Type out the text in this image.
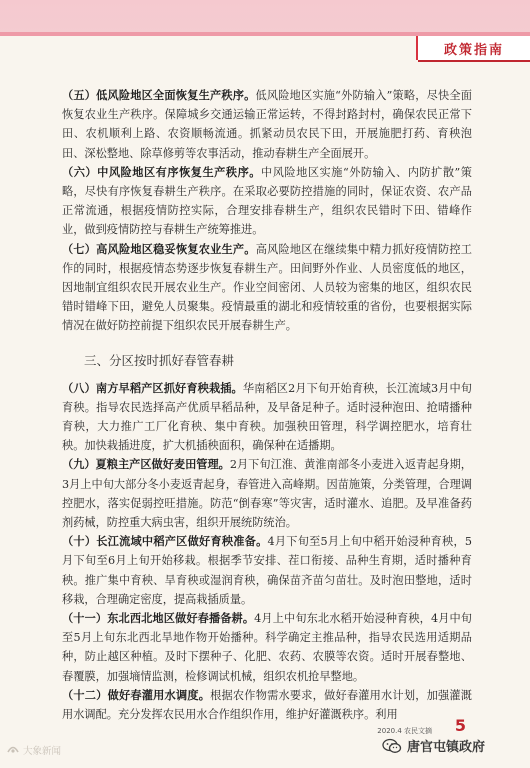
政策指南

（五）低风险地区全面恢复生产秩序。低风险地区实施“外防输入”策略，尽快全面恢复农业生产秩序。保障城乡交通运输正常运转，不得封路封村，确保农民正常下田、农机顺利上路、农资顺畅流通。抓紧动员农民下田，开展施肥打药、育秧泡田、深松整地、除草修剪等农事活动，推动春耕生产全面展开。

（六）中风险地区有序恢复生产秩序。中风险地区实施“外防输入、内防扩散”策略，尽快有序恢复春耕生产秩序。在采取必要防控措施的同时，保证农资、农产品正常流通，根据疫情防控实际，合理安排春耕生产，组织农民错时下田、错峰作业，做到疫情防控与春耕生产统筹推进。

（七）高风险地区稳妥恢复农业生产。高风险地区在继续集中精力抓好疫情防控工作的同时，根据疫情态势逐步恢复春耕生产。田间野外作业、人员密度低的地区，因地制宜组织农民开展农业生产。作业空间密闭、人员较为密集的地区，组织农民错时错峰下田，避免人员聚集。疫情最重的湖北和疫情较重的省份，也要根据实际情况在做好防控前提下组织农民开展春耕生产。

三、分区按时抓好春管春耕

（八）南方早稻产区抓好育秧栽插。华南稻区2月下旬开始育秧，长江流域3月中旬育秧。指导农民选择高产优质早稻品种，及早备足种子。适时浸种泡田、抢晴播种育秧，大力推广工厂化育秧、集中育秧。加强秧田管理，科学调控肥水，培育壮秧。加快栽插进度，扩大机插秧面积，确保种在适播期。

（九）夏粮主产区做好麦田管理。2月下旬江淮、黄淮南部冬小麦进入返青起身期，3月上中旬大部分冬小麦返青起身，春管进入高峰期。因苗施策，分类管理，合理调控肥水，落实促弱控旺措施。防范“倒春寒”等灾害，适时灌水、追肥。及早准备药剂药械，防控重大病虫害，组织开展统防统治。

（十）长江流域中稻产区做好育秧准备。4月下旬至5月上旬中稻开始浸种育秧，5月下旬至6月上旬开始移栽。根据季节安排、茬口衔接、品种生育期，适时播种育秧。推广集中育秧、旱育秧或湿润育秧，确保苗齐苗匀苗壮。及时泡田整地，适时移栽，合理确定密度，提高栽插质量。

（十一）东北西北地区做好春播备耕。4月上中旬东北水稻开始浸种育秧，4月中旬至5月上旬东北西北旱地作物开始播种。科学确定主推品种，指导农民选用适期品种，防止越区种植。及时下摆种子、化肥、农药、农膜等农资。适时开展春整地、春覆膜，加强墒情监测，检修调试机械，组织农机抢早整地。

（十二）做好春灌用水调度。根据农作物需水要求，做好春灌用水计划，加强灌溉用水调配。充分发挥农民用水合作组织作用，维护好灌溉秩序。利用

2020.4 农民文摘 5
大象新闻	唐官屯镇政府
